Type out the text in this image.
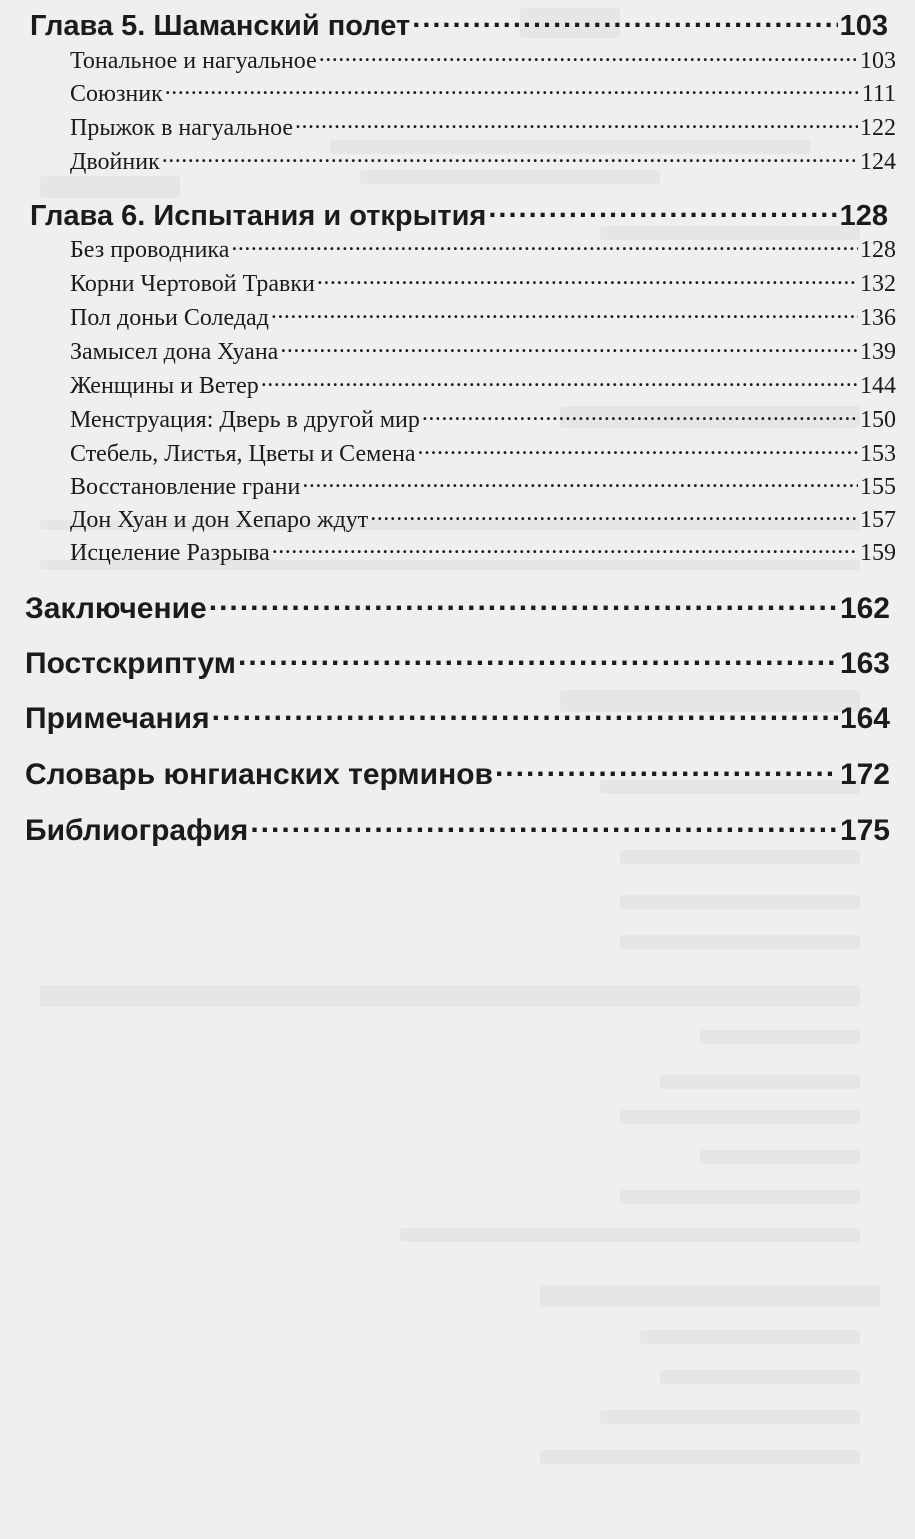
Глава 5. Шаманский полет .....	103
Тональное и нагуальное .....	103
Союзник .....	111
Прыжок в нагуальное .....	122
Двойник .....	124
Глава 6. Испытания и открытия .....	128
Без проводника .....	128
Корни Чертовой Травки .....	132
Пол доньи Соледад .....	136
Замысел дона Хуана .....	139
Женщины и Ветер .....	144
Менструация: Дверь в другой мир .....	150
Стебель, Листья, Цветы и Семена .....	153
Восстановление грани .....	155
Дон Хуан и дон Хепаро ждут .....	157
Исцеление Разрыва .....	159
Заключение .....	162
Постскриптум .....	163
Примечания .....	164
Словарь юнгианских терминов .....	172
Библиография .....	175
